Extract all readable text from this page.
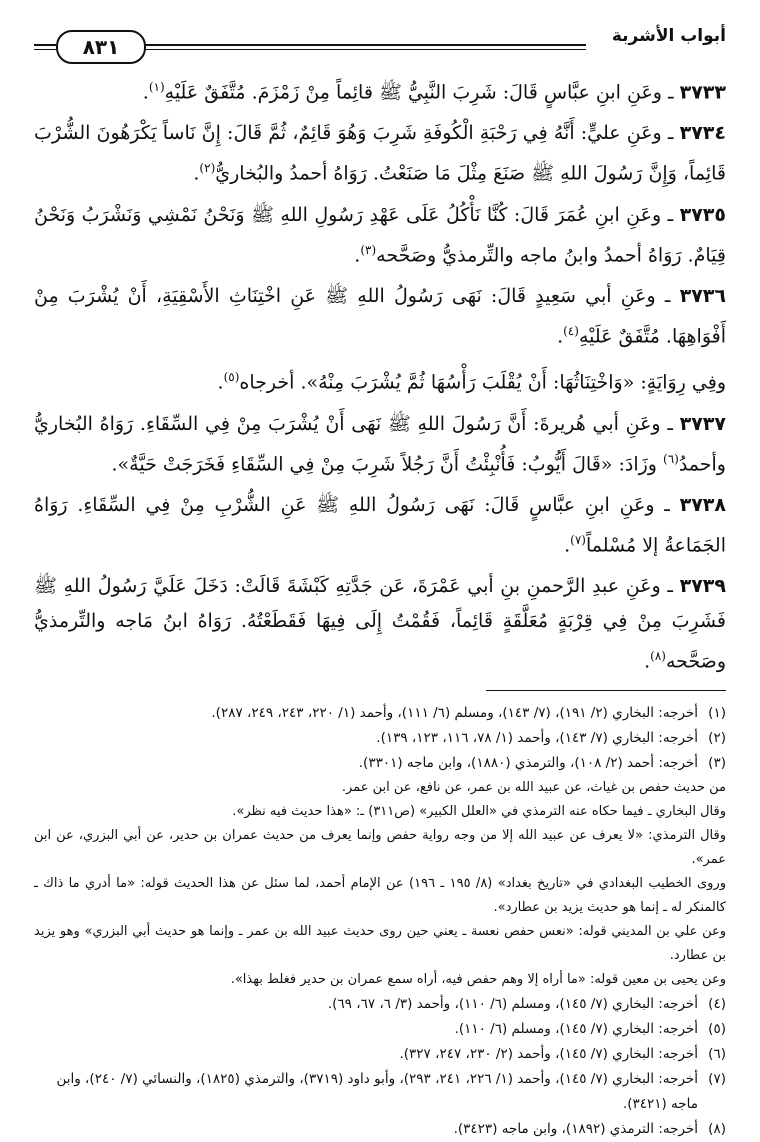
أبواب الأشربة
٨٣١

٣٧٣٣ ـ وعَنِ ابنِ عبَّاسٍ قَالَ: شَرِبَ النَّبِيُّ ﷺ قائِماً مِنْ زَمْزَمَ. مُتَّفَقٌ عَلَيْهِ$^{(١)}$.

٣٧٣٤ ـ وعَنِ عليٍّ: أَنَّهُ فِي رَحْبَةِ الْكُوفَةِ شَرِبَ وَهُوَ قَائِمٌ، ثُمَّ قَالَ: إِنَّ نَاساً يَكْرَهُونَ الشُّرْبَ قَائِماً، وَإِنَّ رَسُولَ اللهِ ﷺ صَنَعَ مِثْلَ مَا صَنَعْتُ. رَوَاهُ أحمدُ والبُخاريُّ$^{(٢)}$.

٣٧٣٥ ـ وعَنِ ابنِ عُمَرَ قَالَ: كُنَّا نَأْكُلُ عَلَى عَهْدِ رَسُولِ اللهِ ﷺ وَنَحْنُ نَمْشِي وَنَشْرَبُ وَنَحْنُ قِيَامٌ. رَوَاهُ أحمدُ وابنُ ماجه والتِّرمذيُّ وصَحَّحه$^{(٣)}$.

٣٧٣٦ ـ وعَنِ أبي سَعِيدٍ قَالَ: نَهَى رَسُولُ اللهِ ﷺ عَنِ اخْتِنَاثِ الأَسْقِيَةِ، أَنْ يُشْرَبَ مِنْ أَفْوَاهِهَا. مُتَّفَقٌ عَلَيْهِ$^{(٤)}$.

وفِي رِوَايَةٍ: «وَاخْتِنَاثُهَا: أَنْ يُقْلَبَ رَأْسُهَا ثُمَّ يُشْرَبَ مِنْهُ». أخرجاه$^{(٥)}$.

٣٧٣٧ ـ وعَنِ أبي هُريرةَ: أَنَّ رَسُولَ اللهِ ﷺ نَهَى أَنْ يُشْرَبَ مِنْ فِي السِّقَاءِ. رَوَاهُ البُخاريُّ وأحمدُ$^{(٦)}$ وزَادَ: «قَالَ أَيُّوبُ: فَأُنْبِئْتُ أَنَّ رَجُلاً شَرِبَ مِنْ فِي السِّقَاءِ فَخَرَجَتْ حَيَّةٌ».

٣٧٣٨ ـ وعَنِ ابنِ عبَّاسٍ قَالَ: نَهَى رَسُولُ اللهِ ﷺ عَنِ الشُّرْبِ مِنْ فِي السِّقَاءِ. رَوَاهُ الجَمَاعةُ إلا مُسْلماً$^{(٧)}$.

٣٧٣٩ ـ وعَنِ عبدِ الرَّحمنِ بنِ أبي عَمْرَةَ، عَن جَدَّتِهِ كَبْشَةَ قَالَتْ: دَخَلَ عَلَيَّ رَسُولُ اللهِ ﷺ فَشَرِبَ مِنْ فِي قِرْبَةٍ مُعَلَّقَةٍ قَائِماً، فَقُمْتُ إِلَى فِيهَا فَقَطَعْتُهُ. رَوَاهُ ابنُ مَاجه والتِّرمذيُّ وصَحَّحه$^{(٨)}$.

(١)
أخرجه: البخاري (٢/ ١٩١)، (٧/ ١٤٣)، ومسلم (٦/ ١١١)، وأحمد (١/ ٢٢٠، ٢٤٣، ٢٤٩، ٢٨٧).
(٢)
أخرجه: البخاري (٧/ ١٤٣)، وأحمد (١/ ٧٨، ١١٦، ١٢٣، ١٣٩).
(٣)
أخرجه: أحمد (٢/ ١٠٨)، والترمذي (١٨٨٠)، وابن ماجه (٣٣٠١).
من حديث حفص بن غياث، عن عبيد الله بن عمر، عن نافع، عن ابن عمر.
وقال البخاري ـ فيما حكاه عنه الترمذي في «العلل الكبير» (ص٣١١) ـ: «هذا حديث فيه نظر».
وقال الترمذي: «لا يعرف عن عبيد الله إلا من وجه رواية حفص وإنما يعرف من حديث عمران بن حدير، عن أبي البزري، عن ابن عمر».
وروى الخطيب البغدادي في «تاريخ بغداد» (٨/ ١٩٥ ـ ١٩٦) عن الإمام أحمد، لما سئل عن هذا الحديث قوله: «ما أدري ما ذاك ـ كالمنكر له ـ إنما هو حديث يزيد بن عطارد».
وعن علي بن المديني قوله: «نعس حفص نعسة ـ يعني حين روى حديث عبيد الله بن عمر ـ وإنما هو حديث أبي البزري» وهو يزيد بن عطارد.
وعن يحيى بن معين قوله: «ما أراه إلا وهم حفص فيه، أراه سمع عمران بن حدير فغلط بهذا».
(٤)
أخرجه: البخاري (٧/ ١٤٥)، ومسلم (٦/ ١١٠)، وأحمد (٣/ ٦، ٦٧، ٦٩).
(٥)
أخرجه: البخاري (٧/ ١٤٥)، ومسلم (٦/ ١١٠).
(٦)
أخرجه: البخاري (٧/ ١٤٥)، وأحمد (٢/ ٢٣٠، ٢٤٧، ٣٢٧).
(٧)
أخرجه: البخاري (٧/ ١٤٥)، وأحمد (١/ ٢٢٦، ٢٤١، ٢٩٣)، وأبو داود (٣٧١٩)، والترمذي (١٨٢٥)، والنسائي (٧/ ٢٤٠)، وابن ماجه (٣٤٢١).
(٨)
أخرجه: الترمذي (١٨٩٢)، وابن ماجه (٣٤٢٣).
